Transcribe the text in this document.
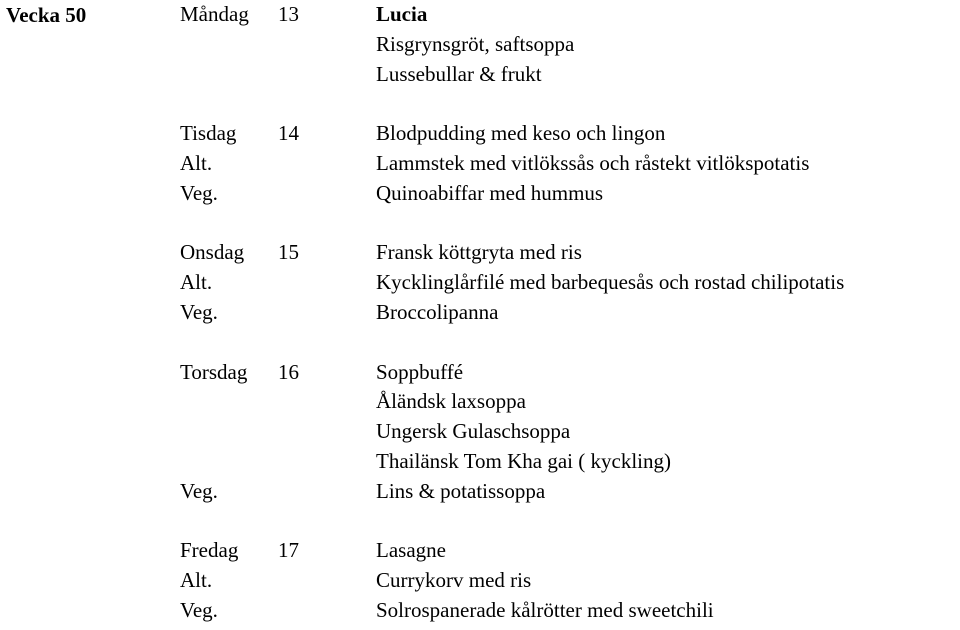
Vecka 50	Måndag 13	Lucia
Risgrynsgröt, saftsoppa
Lussebullar & frukt
Tisdag 14	Blodpudding med keso och lingon
Alt.	Lammstek med vitlökssås och råstekt vitlökspotatis
Veg.	Quinoabiffar med hummus
Onsdag 15	Fransk köttgryta med ris
Alt.	Kycklinglårfilé med barbequesås och rostad chilipotatis
Veg.	Broccolipanna
Torsdag 16	Soppbuffé
Åländsk laxsoppa
Ungersk Gulaschsoppa
Thailänsk Tom Kha gai ( kyckling)
Veg.	Lins & potatissoppa
Fredag 17	Lasagne
Alt.	Currykorv med ris
Veg.	Solrospanerade kålrötter med sweetchili
